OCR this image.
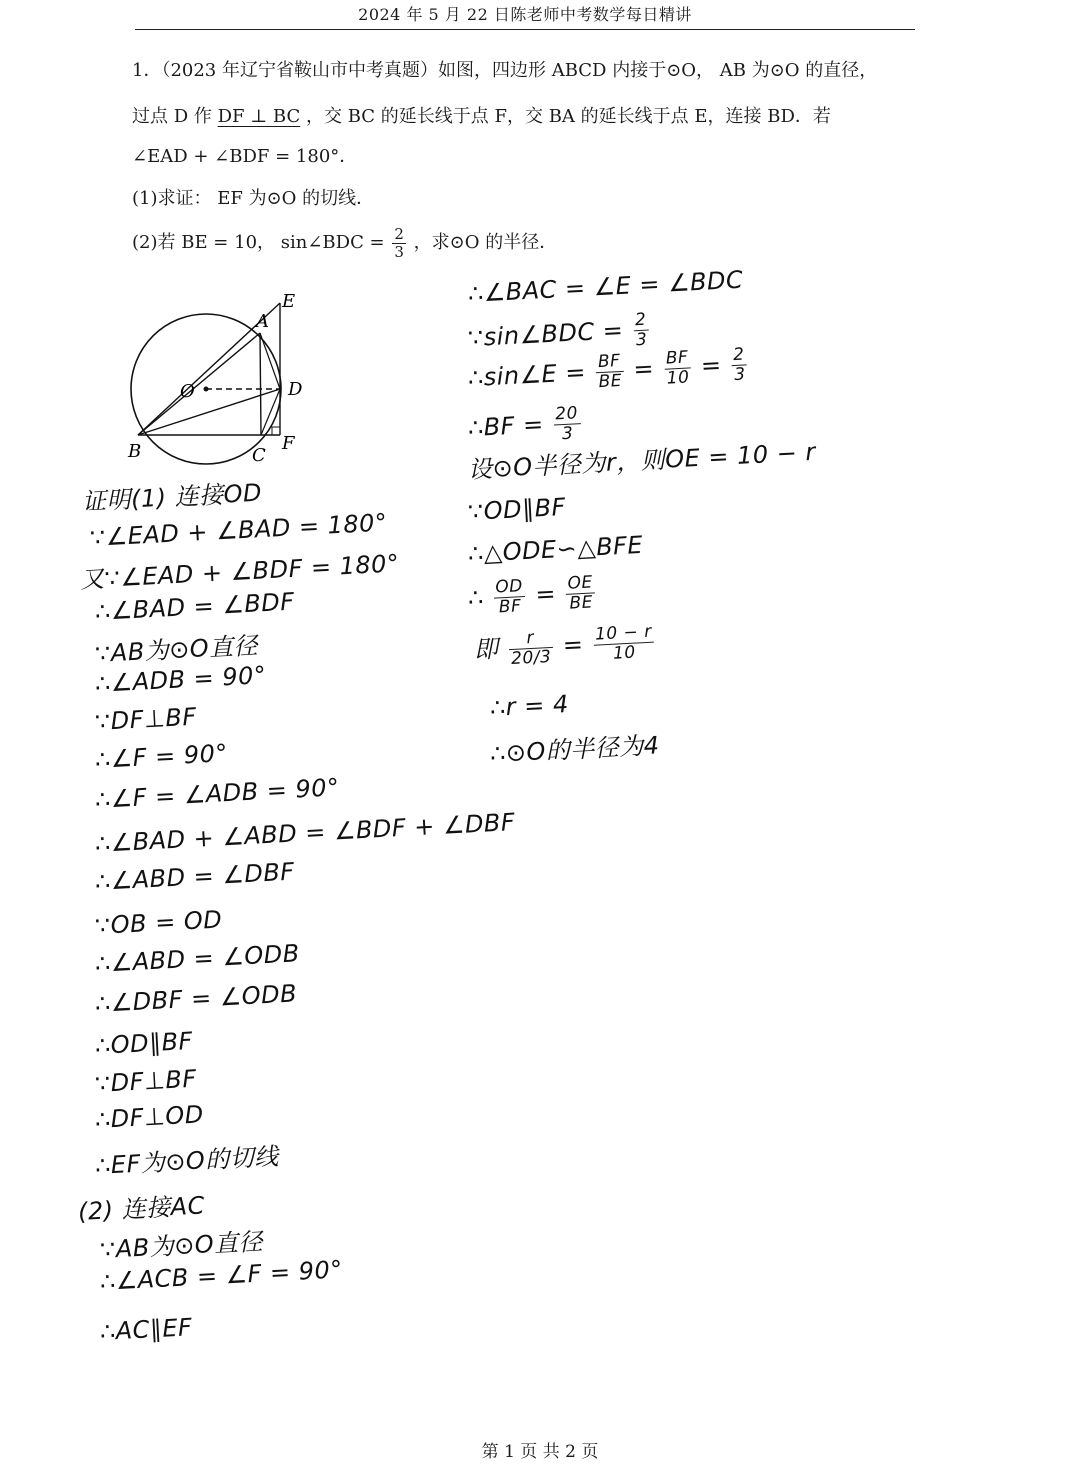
2024 年 5 月 22 日陈老师中考数学每日精讲
1．（2023 年辽宁省鞍山市中考真题）如图，四边形 ABCD 内接于⊙O， AB 为⊙O 的直径，
过点 D 作 DF ⊥ BC ，交 BC 的延长线于点 F，交 BA 的延长线于点 E，连接 BD．若
∠EAD + ∠BDF = 180°．
(1)求证： EF 为⊙O 的切线．
(2)若 BE = 10， sin∠BDC = $\frac{2}{3}$ ，求⊙O 的半径．
A
E
O	D
B	C
F
证明(1) 连接OD
∵∠EAD + ∠BAD = 180°
又∵∠EAD + ∠BDF = 180°
∴∠BAD = ∠BDF
∵AB为⊙O直径
∴∠ADB = 90°
∵DF⊥BF
∴∠F = 90°
∴∠F = ∠ADB = 90°
∴∠BAD + ∠ABD = ∠BDF + ∠DBF
∴∠ABD = ∠DBF
∵OB = OD
∴∠ABD = ∠ODB
∴∠DBF = ∠ODB
∴OD∥BF
∵DF⊥BF
∴DF⊥OD
∴EF为⊙O的切线
(2) 连接AC
∵AB为⊙O直径
∴∠ACB = ∠F = 90°
∴AC∥EF
∴∠BAC = ∠E = ∠BDC
∵sin∠BDC = $\frac{2}{3}$
∴sin∠E = $\frac{BF}{BE} = \frac{BF}{10} = \frac{2}{3}$
∴BF = $\frac{20}{3}$
设⊙O半径为r，则OE = 10 − r
∵OD∥BF
∴△ODE∽△BFE
∴ $\frac{OD}{BF} = \frac{OE}{BE}$
即 $\frac{r}{20/3} = \frac{10 - r}{10}$
∴r = 4
∴⊙O的半径为4
第 1 页 共 2 页
